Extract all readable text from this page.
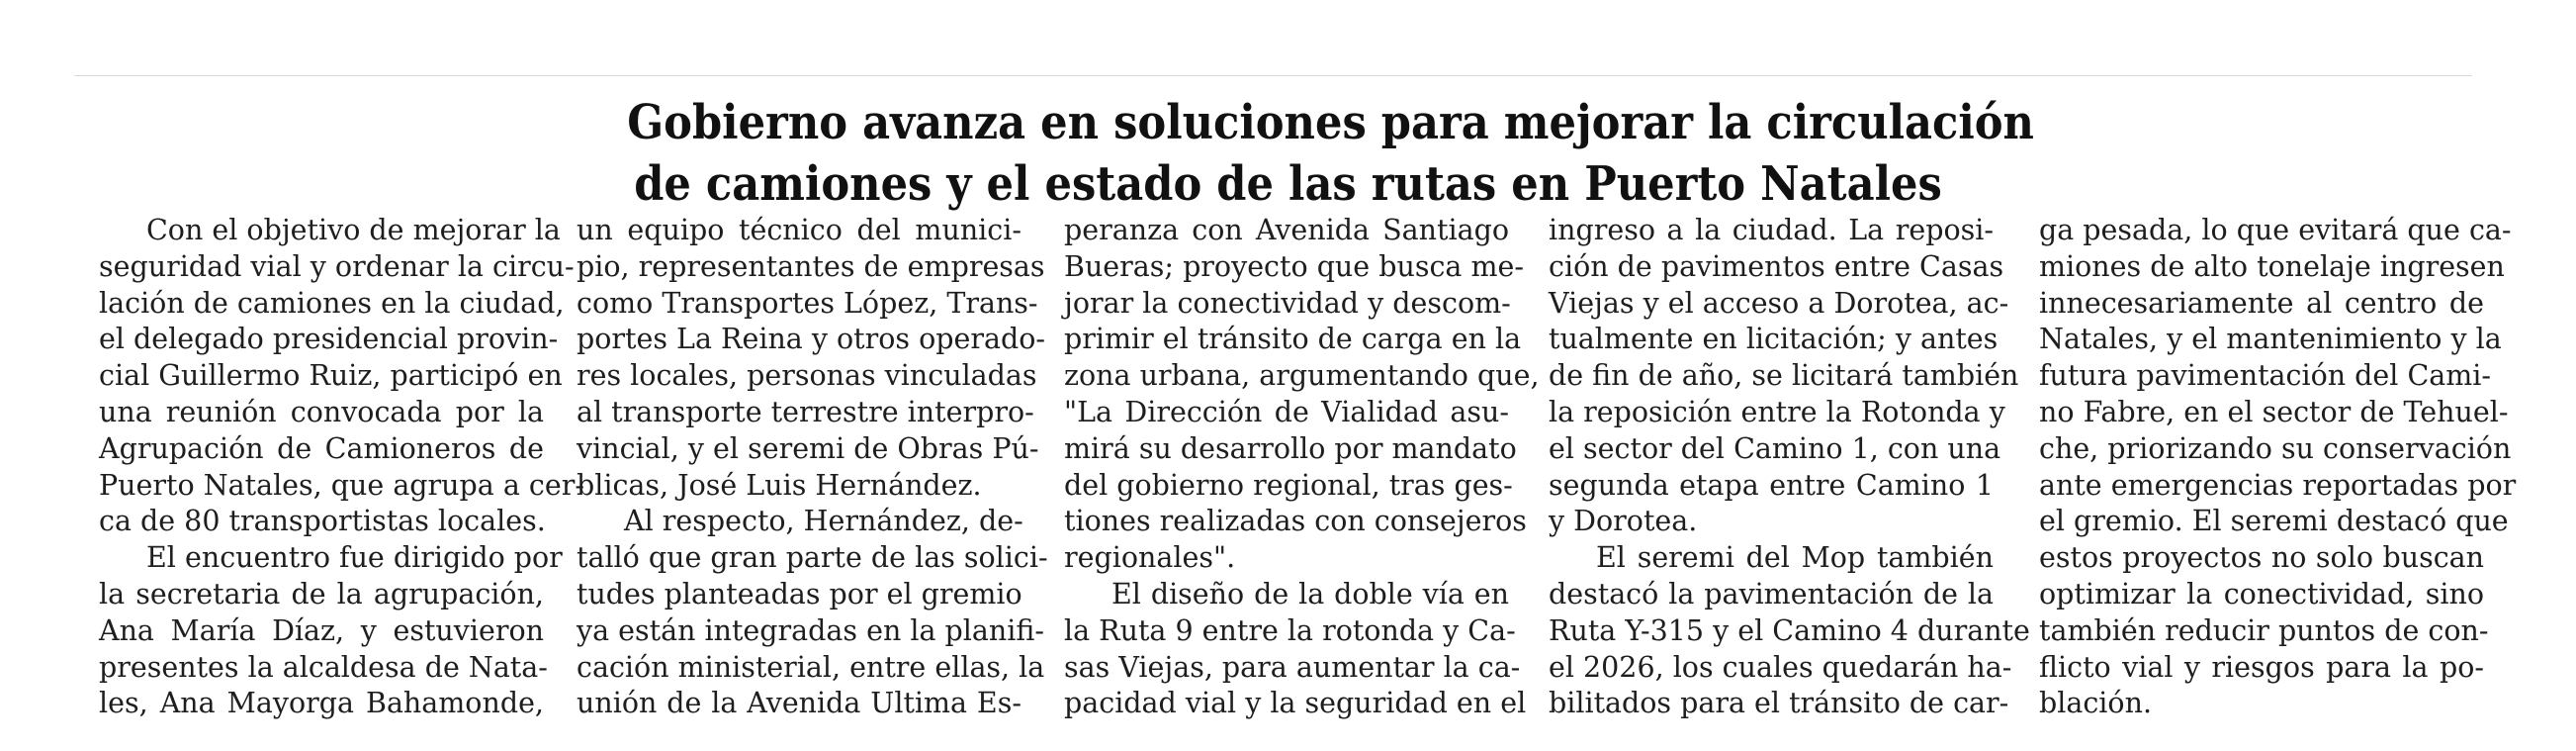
Gobierno avanza en soluciones para mejorar la circulación
de camiones y el estado de las rutas en Puerto Natales
Con el objetivo de mejorar la
seguridad vial y ordenar la circu-
lación de camiones en la ciudad,
el delegado presidencial provin-
cial Guillermo Ruiz, participó en
una reunión convocada por la
Agrupación de Camioneros de
Puerto Natales, que agrupa a cer-
ca de 80 transportistas locales.
El encuentro fue dirigido por
la secretaria de la agrupación,
Ana María Díaz, y estuvieron
presentes la alcaldesa de Nata-
les, Ana Mayorga Bahamonde,
un equipo técnico del munici-
pio, representantes de empresas
como Transportes López, Trans-
portes La Reina y otros operado-
res locales, personas vinculadas
al transporte terrestre interpro-
vincial, y el seremi de Obras Pú-
blicas, José Luis Hernández.
Al respecto, Hernández, de-
talló que gran parte de las solici-
tudes planteadas por el gremio
ya están integradas en la planifi-
cación ministerial, entre ellas, la
unión de la Avenida Ultima Es-
peranza con Avenida Santiago
Bueras; proyecto que busca me-
jorar la conectividad y descom-
primir el tránsito de carga en la
zona urbana, argumentando que,
"La Dirección de Vialidad asu-
mirá su desarrollo por mandato
del gobierno regional, tras ges-
tiones realizadas con consejeros
regionales".
El diseño de la doble vía en
la Ruta 9 entre la rotonda y Ca-
sas Viejas, para aumentar la ca-
pacidad vial y la seguridad en el
ingreso a la ciudad. La reposi-
ción de pavimentos entre Casas
Viejas y el acceso a Dorotea, ac-
tualmente en licitación; y antes
de fin de año, se licitará también
la reposición entre la Rotonda y
el sector del Camino 1, con una
segunda etapa entre Camino 1
y Dorotea.
El seremi del Mop también
destacó la pavimentación de la
Ruta Y-315 y el Camino 4 durante
el 2026, los cuales quedarán ha-
bilitados para el tránsito de car-
ga pesada, lo que evitará que ca-
miones de alto tonelaje ingresen
innecesariamente al centro de
Natales, y el mantenimiento y la
futura pavimentación del Cami-
no Fabre, en el sector de Tehuel-
che, priorizando su conservación
ante emergencias reportadas por
el gremio. El seremi destacó que
estos proyectos no solo buscan
optimizar la conectividad, sino
también reducir puntos de con-
flicto vial y riesgos para la po-
blación.
